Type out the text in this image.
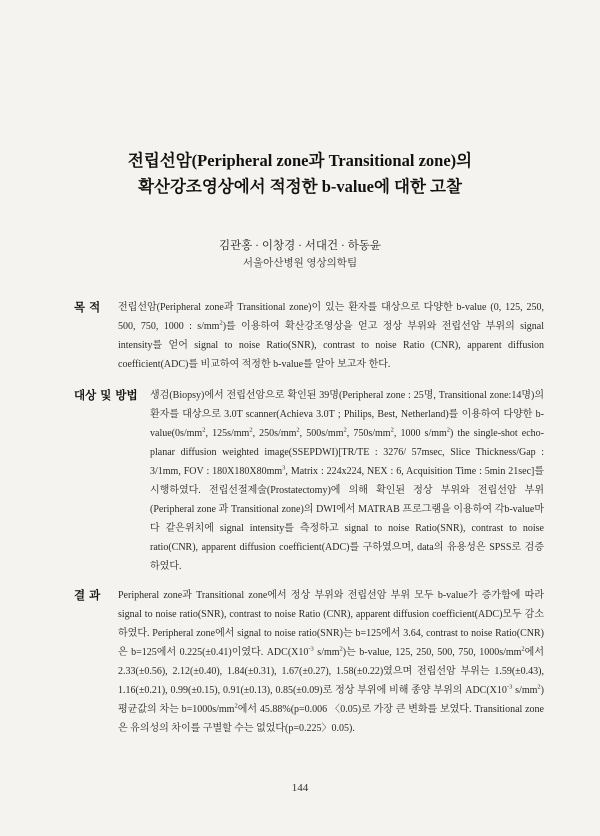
전립선암(Peripheral zone과 Transitional zone)의
확산강조영상에서 적정한 b-value에 대한 고찰
김관홍 · 이창경 · 서대건 · 하동윤
서울아산병원 영상의학팀
목 적	전립선암(Peripheral zone과 Transitional zone)이 있는 환자를 대상으로 다양한 b-value (0, 125, 250, 500, 750, 1000 : $s/mm^2$)를 이용하여 확산강조영상을 얻고 정상 부위와 전립선암 부위의 signal intensity를 얻어 signal to noise Ratio(SNR), contrast to noise Ratio (CNR), apparent diffusion coefficient(ADC)를 비교하여 적정한 b-value를 알아 보고자 한다.
대상 및 방법	생검(Biopsy)에서 전립선암으로 확인된 39명(Peripheral zone : 25명, Transitional zone:14명)의 환자를 대상으로 3.0T scanner(Achieva 3.0T ; Philips, Best, Netherland)를 이용하여 다양한 $b-value(0s/mm^2$, $125s/mm^2$, $250s/mm^2$, $500s/mm^2$, $750s/mm^2$, 1000 $s/mm^2$) the single-shot echo-planar diffusion weighted image(SSEPDWI)[TR/TE : 3276/ 57msec, Slice Thickness/Gap : 3/1mm, FOV : $180X180X80mm^3$, Matrix : 224x224, NEX : 6, Acquisition Time : 5min 21sec]를 시행하였다. 전립선절제술(Prostatectomy)에 의해 확인된 정상 부위와 전립선암 부위(Peripheral zone 과 Transitional zone)의 DWI에서 MATRAB 프로그램을 이용하여 각b-value마다 같은위치에 signal intensity를 측정하고 signal to noise Ratio(SNR), contrast to noise ratio(CNR), apparent diffusion coefficient(ADC)를 구하였으며, data의 유용성은 SPSS로 검증하였다.
결 과	Peripheral zone과 Transitional zone에서 정상 부위와 전립선암 부위 모두 b-value가 증가함에 따라 signal to noise ratio(SNR), contrast to noise Ratio (CNR), apparent diffusion coefficient(ADC)모두 감소하였다. Peripheral zone에서 signal to noise ratio(SNR)는 b=125에서 3.64, contrast to noise Ratio(CNR)은 b=125에서 0.225(±0.41)이였다. $ADC(X10^{-3}$ $s/mm^2$)는 b-value, 125, 250, 500, 750, $1000s/mm^2$에서 2.33(±0.56), 2.12(±0.40), 1.84(±0.31), 1.67(±0.27), 1.58(±0.22)였으며 전립선암 부위는 1.59(±0.43), 1.16(±0.21), 0.99(±0.15), 0.91(±0.13), 0.85(±0.09)로 정상 부위에 비해 종양 부위의 $ADC(X10^{-3}$ $s/mm^2$) 평균값의 차는 $b=1000s/mm^2$에서 45.88%(p=0.006 〈0.05)로 가장 큰 변화를 보였다. Transitional zone은 유의성의 차이를 구별할 수는 없었다(p=0.225〉0.05).
144
